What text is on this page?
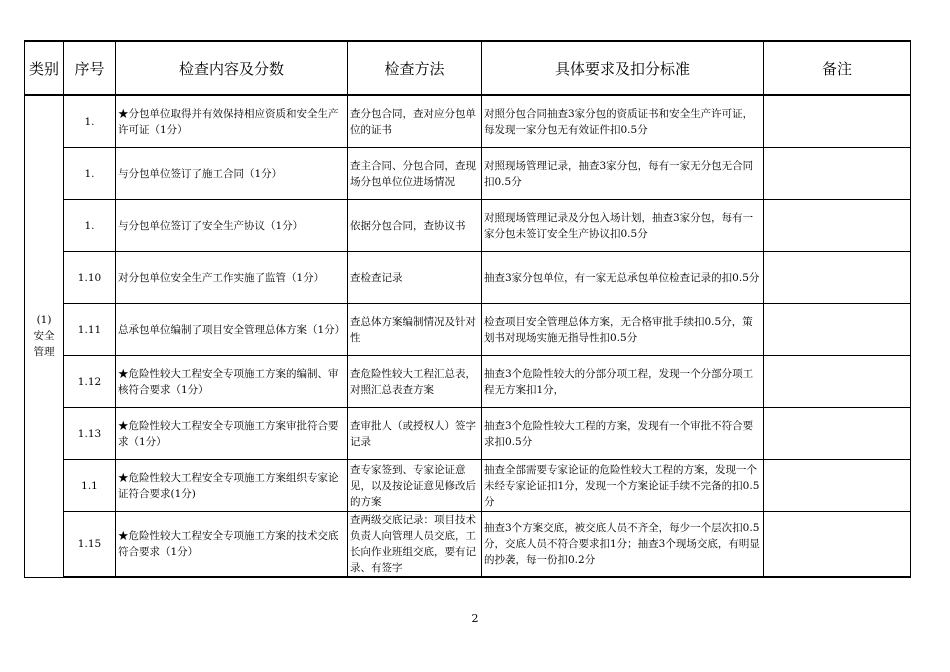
类别	序号	检查内容及分数	检查方法	具体要求及扣分标准	备注
(1)安全管理	1.	★分包单位取得并有效保持相应资质和安全生产许可证（1分）	查分包合同，查对应分包单位的证书	对照分包合同抽查3家分包的资质证书和安全生产许可证，每发现一家分包无有效证件扣0.5分	
	1.	与分包单位签订了施工合同（1分）	查主合同、分包合同，查现场分包单位位进场情况	对照现场管理记录，抽查3家分包，每有一家无分包无合同扣0.5分	
	1.	与分包单位签订了安全生产协议（1分）	依据分包合同，查协议书	对照现场管理记录及分包入场计划，抽查3家分包，每有一家分包未签订安全生产协议扣0.5分	
	1.10	对分包单位安全生产工作实施了监管（1分）	查检查记录	抽查3家分包单位，有一家无总承包单位检查记录的扣0.5分	
	1.11	总承包单位编制了项目安全管理总体方案（1分）	查总体方案编制情况及针对性	检查项目安全管理总体方案，无合格审批手续扣0.5分，策划书对现场实施无指导性扣0.5分	
	1.12	★危险性较大工程安全专项施工方案的编制、审核符合要求（1分）	查危险性较大工程汇总表，对照汇总表查方案	抽查3个危险性较大的分部分项工程，发现一个分部分项工程无方案扣1分，	
	1.13	★危险性较大工程安全专项施工方案审批符合要求（1分）	查审批人（或授权人）签字记录	抽查3个危险性较大工程的方案，发现有一个审批不符合要求扣0.5分	
	1.1	★危险性较大工程安全专项施工方案组织专家论证符合要求(1分)	查专家签到、专家论证意见，以及按论证意见修改后的方案	抽查全部需要专家论证的危险性较大工程的方案，发现一个未经专家论证扣1分，发现一个方案论证手续不完备的扣0.5分	
	1.15	★危险性较大工程安全专项施工方案的技术交底符合要求（1分）	查两级交底记录：项目技术负责人向管理人员交底，工长向作业班组交底，要有记录、有签字	抽查3个方案交底，被交底人员不齐全，每少一个层次扣0.5分，交底人员不符合要求扣1分；抽查3个现场交底，有明显的抄袭，每一份扣0.2分	
2
